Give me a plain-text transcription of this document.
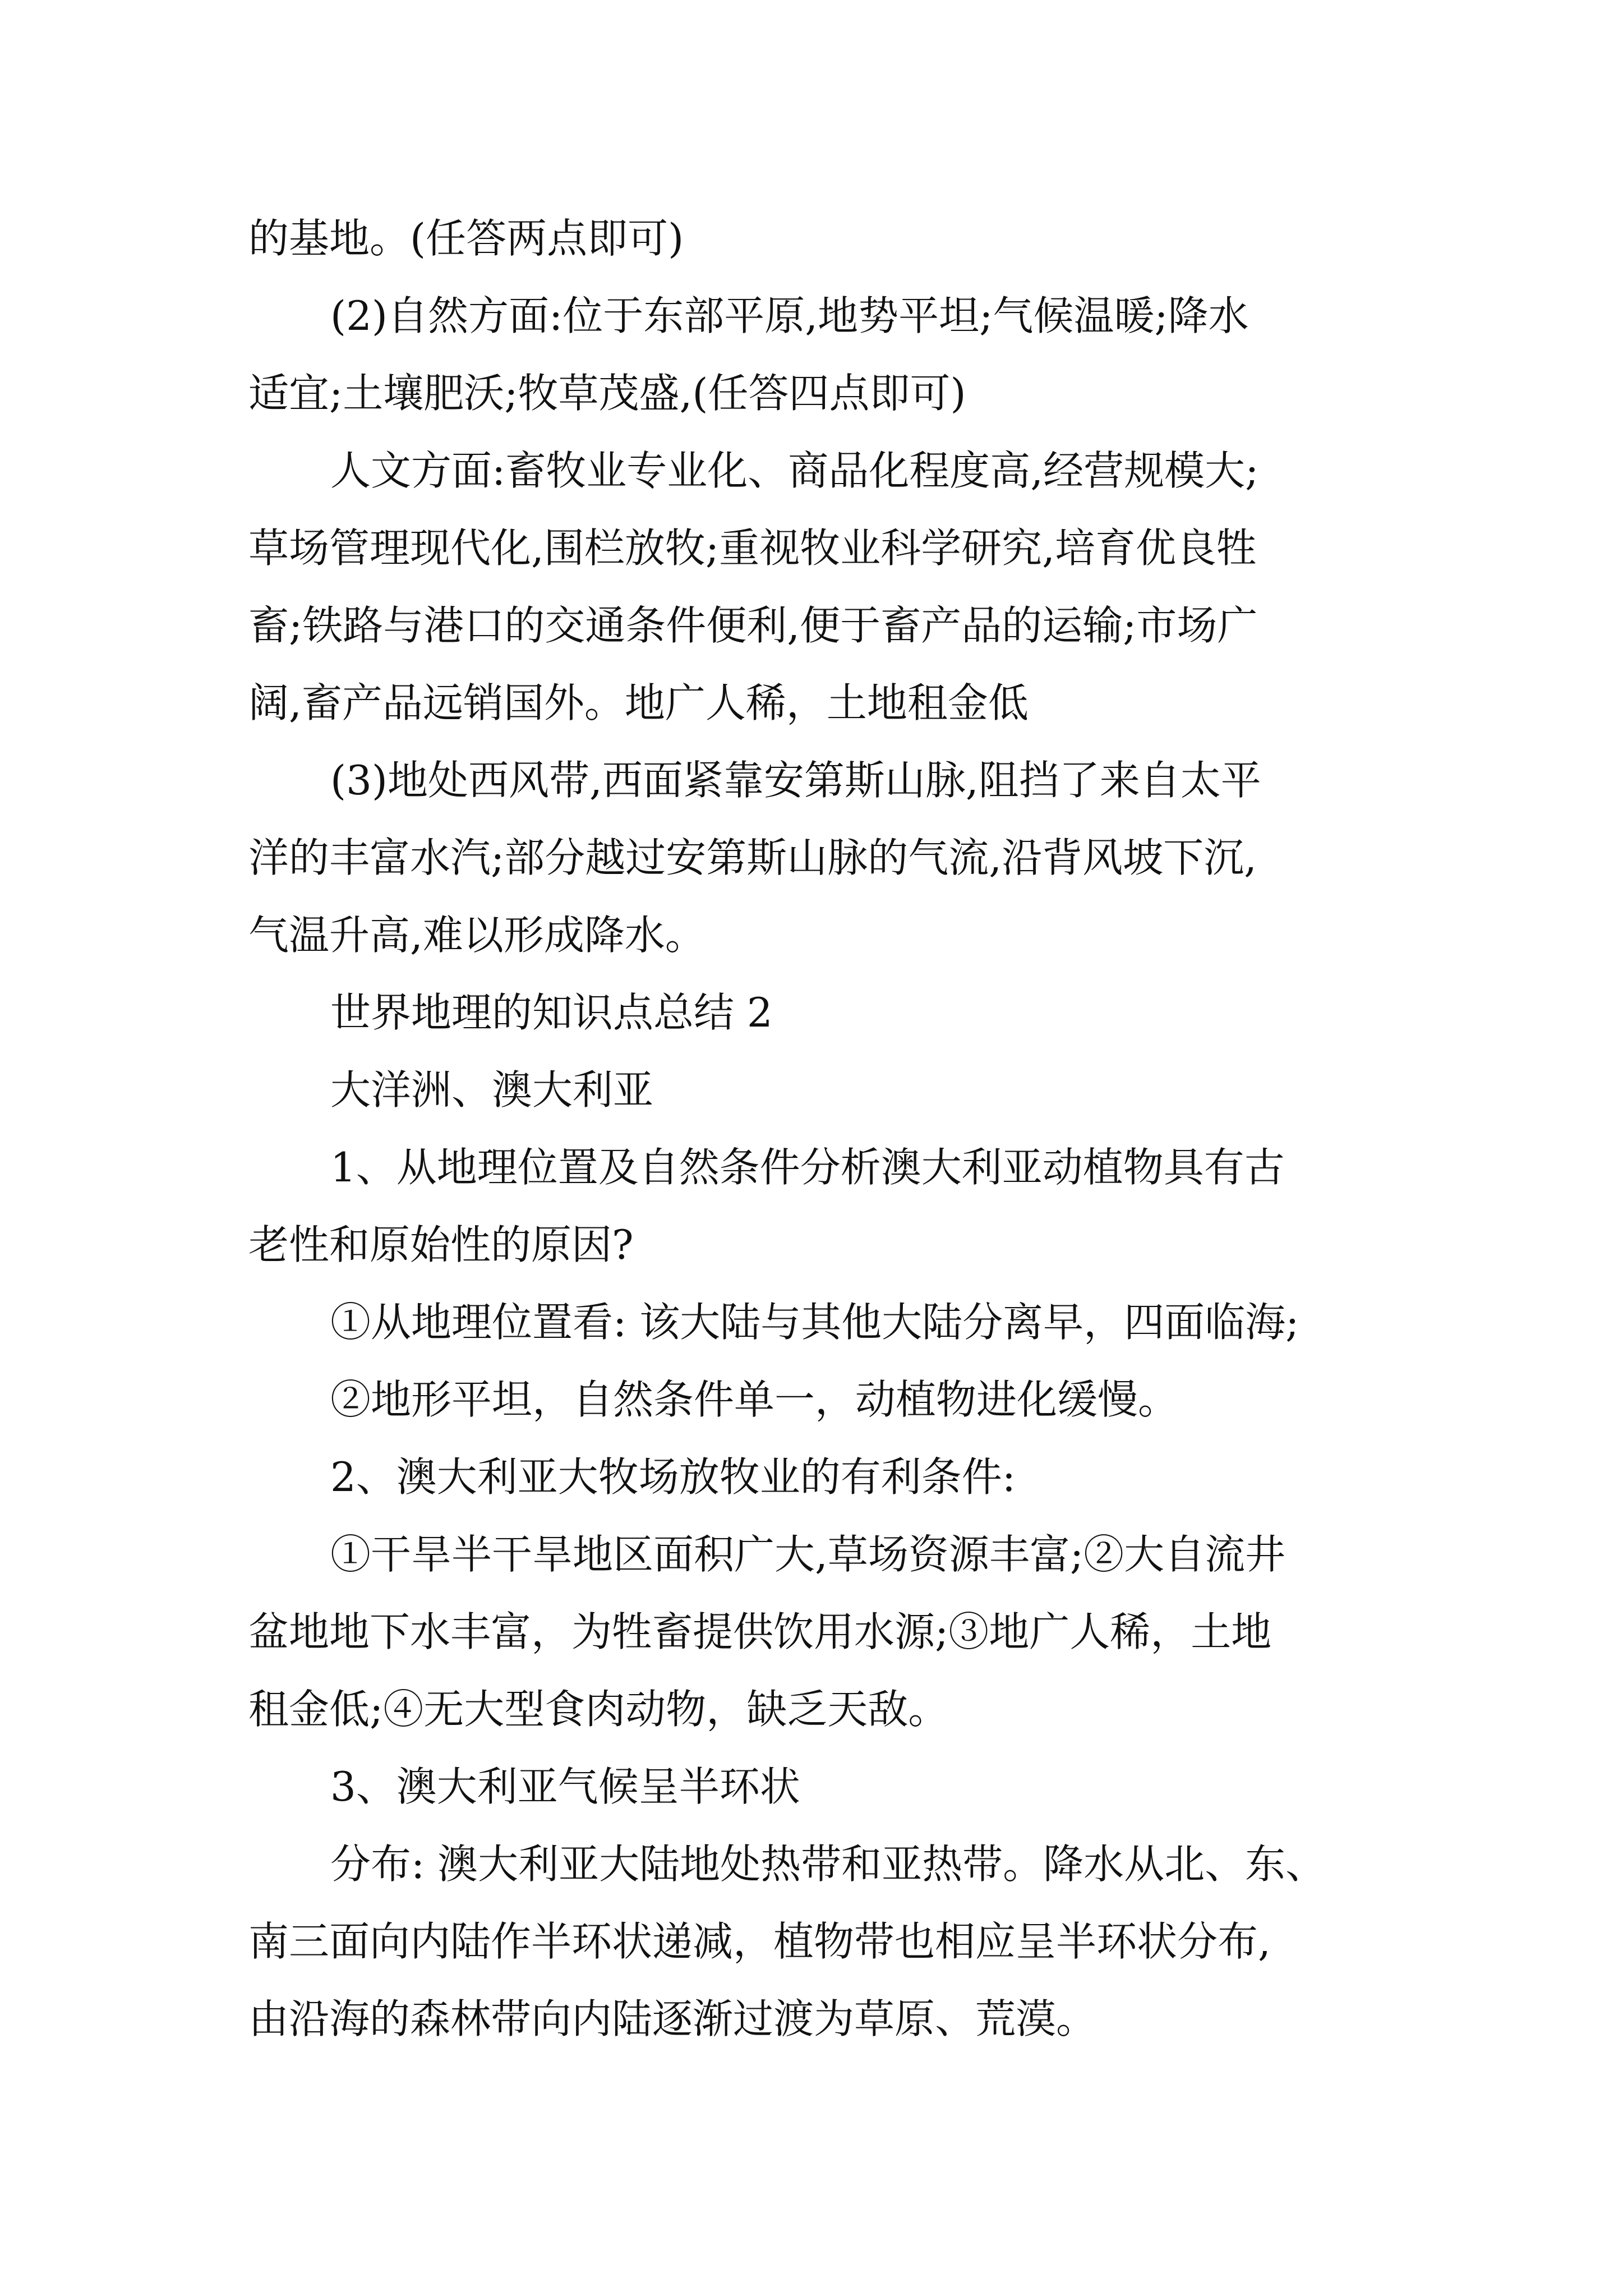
的基地。(任答两点即可)
(2)自然方面:位于东部平原,地势平坦;气候温暖;降水
适宜;土壤肥沃;牧草茂盛,(任答四点即可)
人文方面:畜牧业专业化、商品化程度高,经营规模大;
草场管理现代化,围栏放牧;重视牧业科学研究,培育优良牲
畜;铁路与港口的交通条件便利,便于畜产品的运输;市场广
阔,畜产品远销国外。地广人稀，土地租金低
(3)地处西风带,西面紧靠安第斯山脉,阻挡了来自太平
洋的丰富水汽;部分越过安第斯山脉的气流,沿背风坡下沉,
气温升高,难以形成降水。
世界地理的知识点总结 2
大洋洲、澳大利亚
1、从地理位置及自然条件分析澳大利亚动植物具有古
老性和原始性的原因?
①从地理位置看: 该大陆与其他大陆分离早，四面临海;
②地形平坦，自然条件单一，动植物进化缓慢。
2、澳大利亚大牧场放牧业的有利条件:
①干旱半干旱地区面积广大,草场资源丰富;②大自流井
盆地地下水丰富，为牲畜提供饮用水源;③地广人稀，土地
租金低;④无大型食肉动物，缺乏天敌。
3、澳大利亚气候呈半环状
分布: 澳大利亚大陆地处热带和亚热带。降水从北、东、
南三面向内陆作半环状递减，植物带也相应呈半环状分布,
由沿海的森林带向内陆逐渐过渡为草原、荒漠。
